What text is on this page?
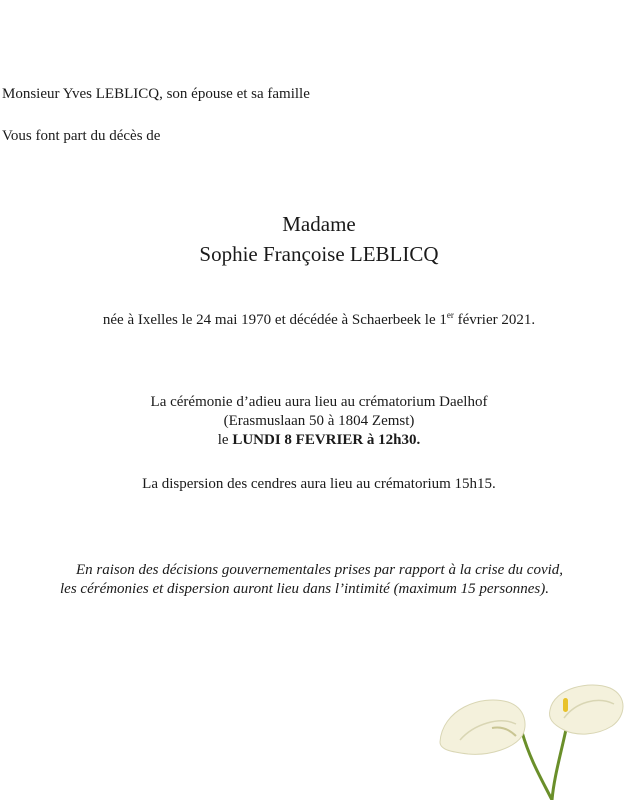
Monsieur Yves LEBLICQ, son épouse et sa famille
Vous font part du décès de
Madame
Sophie Françoise LEBLICQ
née à Ixelles le 24 mai 1970 et décédée à Schaerbeek le 1er février 2021.
La cérémonie d’adieu aura lieu au crématorium Daelhof
(Erasmuslaan 50 à 1804 Zemst)
le LUNDI 8 FEVRIER à 12h30.
La dispersion des cendres aura lieu au crématorium 15h15.
En raison des décisions gouvernementales prises par rapport à la crise du covid,
les cérémonies et dispersion auront lieu dans l’intimité (maximum 15 personnes).
